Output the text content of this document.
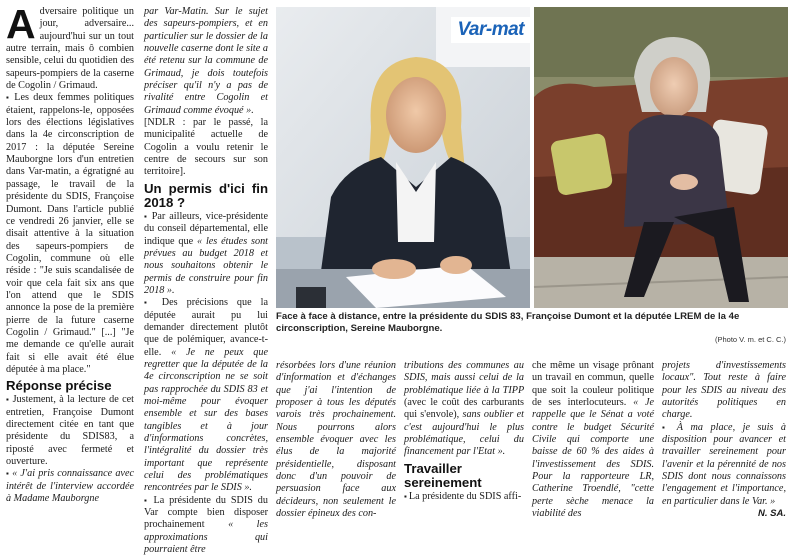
Adversaire politique un jour, adversaire... aujourd'hui sur un tout autre terrain, mais ô combien sensible, celui du quotidien des sapeurs-pompiers de la caserne de Cogolin / Grimaud.

▪ Les deux femmes politiques étaient, rappelons-le, opposées lors des élections législatives dans la 4e circonscription de 2017 : la députée Sereine Mauborgne lors d'un entretien dans Var-matin, a égratigné au passage, le travail de la présidente du SDIS, Françoise Dumont. Dans l'article publié ce vendredi 26 janvier, elle se disait attentive à la situation des sapeurs-pompiers de Cogolin, commune où elle réside : "Je suis scandalisée de voir que cela fait six ans que l'on attend que le SDIS annonce la pose de la première pierre de la future caserne Cogolin / Grimaud." [...] "Je me demande ce qu'elle aurait fait si elle avait été élue députée à ma place."

Réponse précise

▪ Justement, à la lecture de cet entretien, Françoise Dumont directement citée en tant que présidente du SDIS83, a riposté avec fermeté et ouverture.

▪ « J'ai pris connaissance avec intérêt de l'interview accordée à Madame Mauborgne

par Var-Matin. Sur le sujet des sapeurs-pompiers, et en particulier sur le dossier de la nouvelle caserne dont le site a été retenu sur la commune de Grimaud, je dois toutefois préciser qu'il n'y a pas de rivalité entre Cogolin et Grimaud comme évoqué ».

[NDLR : par le passé, la municipalité actuelle de Cogolin a voulu retenir le centre de secours sur son territoire].

Un permis d'ici fin 2018 ?

▪ Par ailleurs, vice-présidente du conseil départemental, elle indique que « les études sont prévues au budget 2018 et nous souhaitons obtenir le permis de construire pour fin 2018 ».

▪ Des précisions que la députée aurait pu lui demander directement plutôt que de polémiquer, avance-t-elle. « Je ne peux que regretter que la députée de la 4e circonscription ne se soit pas rapprochée du SDIS 83 et moi-même pour évoquer ensemble et sur des bases tangibles et à jour d'informations concrètes, l'intégralité du dossier très important que représente celui des problématiques rencontrées par le SDIS ».

▪ La présidente du SDIS du Var compte bien disposer prochainement « les approximations qui pourraient être

Var-mat
Face à face à distance, entre la présidente du SDIS 83, Françoise Dumont et la députée LREM de la 4e circonscription, Sereine Mauborgne.
(Photo V. m. et C. C.)

résorbées lors d'une réunion d'information et d'échanges que j'ai l'intention de proposer à tous les députés varois très prochainement. Nous pourrons alors ensemble évoquer avec les élus de la majorité présidentielle, disposant donc d'un pouvoir de persuasion face aux décideurs, non seulement le dossier épineux des con-

tributions des communes au SDIS, mais aussi celui de la problématique liée à la TIPP (avec le coût des carburants qui s'envole), sans oublier et c'est aujourd'hui le plus problématique, celui du financement par l'Etat ».

Travailler sereinement

▪ La présidente du SDIS affi-

che même un visage prônant un travail en commun, quelle que soit la couleur politique de ses interlocuteurs. « Je rappelle que le Sénat a voté contre le budget Sécurité Civile qui comporte une baisse de 60 % des aides à l'investissement des SDIS. Pour la rapporteure LR, Catherine Troendlé, "cette perte sèche menace la viabilité des

projets d'investissements locaux". Tout reste à faire pour les SDIS au niveau des autorités politiques en charge.

▪ À ma place, je suis à disposition pour avancer et travailler sereinement pour l'avenir et la pérennité de nos SDIS dont nous connaissons l'engagement et l'importance, en particulier dans le Var. »

N. SA.
